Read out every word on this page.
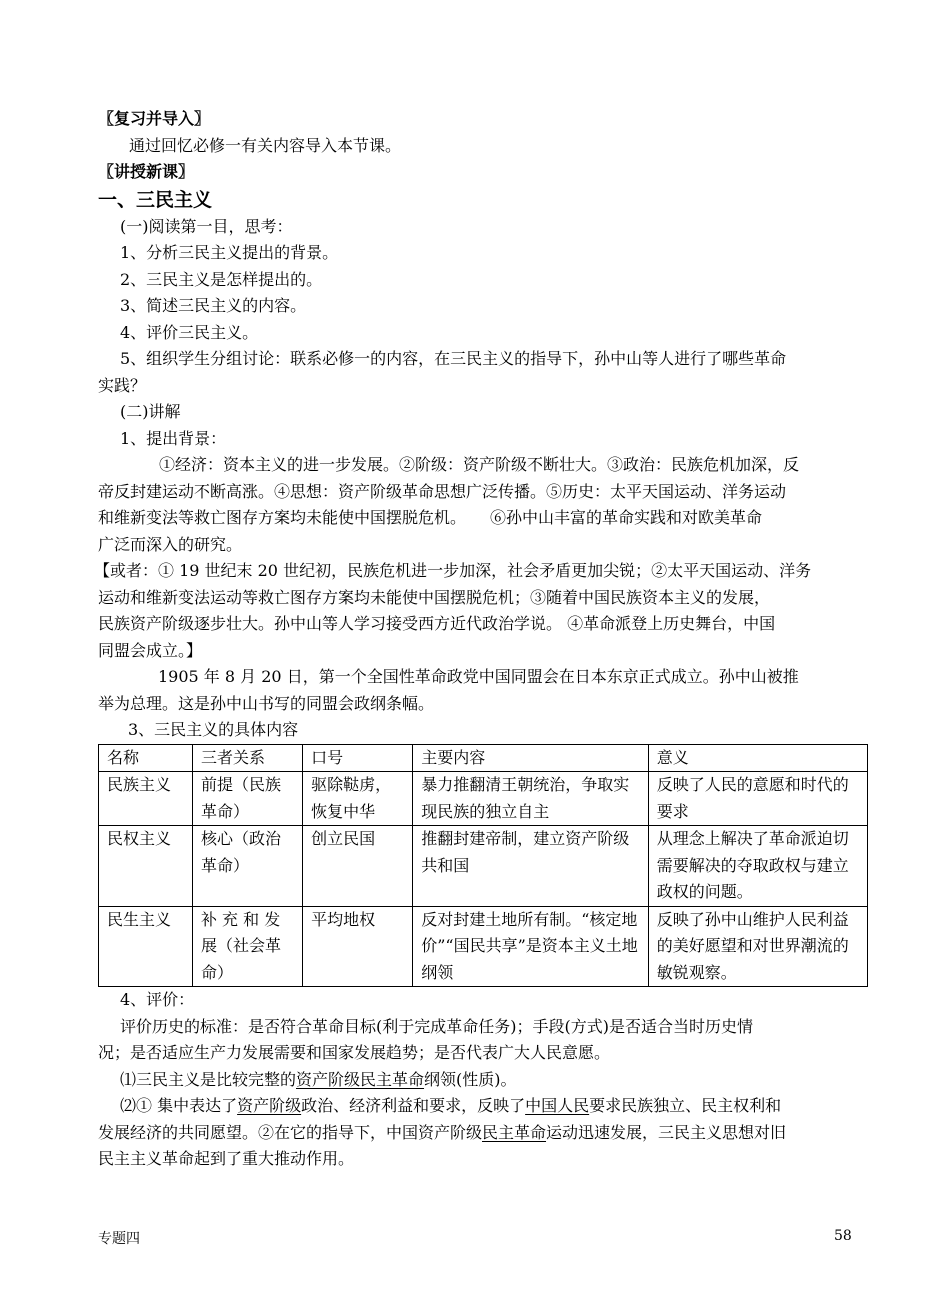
〖复习并导入〗

通过回忆必修一有关内容导入本节课。

〖讲授新课〗

一、三民主义

(一)阅读第一目，思考：

1、分析三民主义提出的背景。

2、三民主义是怎样提出的。

3、简述三民主义的内容。

4、评价三民主义。

5、组织学生分组讨论：联系必修一的内容，在三民主义的指导下，孙中山等人进行了哪些革命

实践？

(二)讲解

1、提出背景：

①经济：资本主义的进一步发展。②阶级：资产阶级不断壮大。③政治：民族危机加深，反

帝反封建运动不断高涨。④思想：资产阶级革命思想广泛传播。⑤历史：太平天国运动、洋务运动

和维新变法等救亡图存方案均未能使中国摆脱危机。　　⑥孙中山丰富的革命实践和对欧美革命

广泛而深入的研究。

【或者：① 19 世纪末 20 世纪初，民族危机进一步加深，社会矛盾更加尖锐；②太平天国运动、洋务

运动和维新变法运动等救亡图存方案均未能使中国摆脱危机；③随着中国民族资本主义的发展，

民族资产阶级逐步壮大。孙中山等人学习接受西方近代政治学说。 ④革命派登上历史舞台，中国

同盟会成立。】

1905 年 8 月 20 日，第一个全国性革命政党中国同盟会在日本东京正式成立。孙中山被推

举为总理。这是孙中山书写的同盟会政纲条幅。

3、三民主义的具体内容

名称	三者关系	口号	主要内容	意义
民族主义	前提（民族革命）	驱除鞑虏，恢复中华	暴力推翻清王朝统治，争取实现民族的独立自主	反映了人民的意愿和时代的要求
民权主义	核心（政治革命）	创立民国	推翻封建帝制，建立资产阶级共和国	从理念上解决了革命派迫切需要解决的夺取政权与建立政权的问题。
民生主义	补 充 和 发展（社会革命）	平均地权	反对封建土地所有制。“核定地价”“国民共享”是资本主义土地纲领	反映了孙中山维护人民利益的美好愿望和对世界潮流的敏锐观察。

4、评价：

评价历史的标准：是否符合革命目标(利于完成革命任务)；手段(方式)是否适合当时历史情

况；是否适应生产力发展需要和国家发展趋势；是否代表广大人民意愿。

⑴三民主义是比较完整的资产阶级民主革命纲领(性质)。

⑵① 集中表达了资产阶级政治、经济利益和要求，反映了中国人民要求民族独立、民主权利和

发展经济的共同愿望。②在它的指导下，中国资产阶级民主革命运动迅速发展，三民主义思想对旧

民主主义革命起到了重大推动作用。

专题四	58
